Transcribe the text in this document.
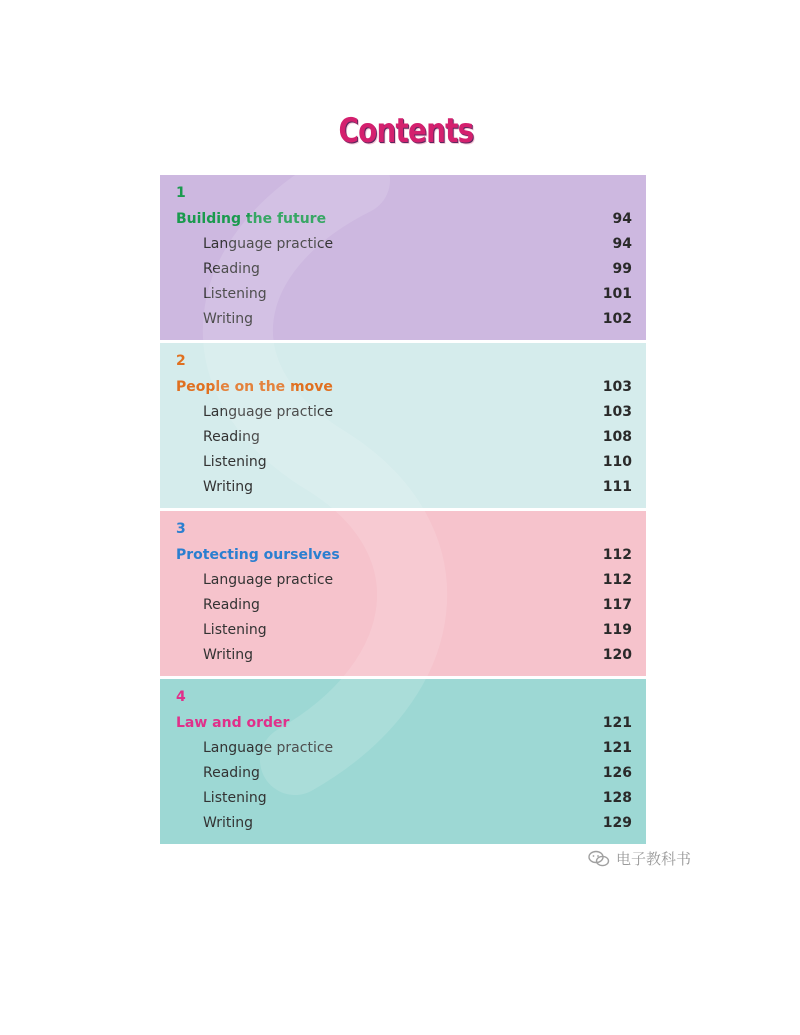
Contents
1
Building the future	94
Language practice	94
Reading	99
Listening	101
Writing	102
2
People on the move	103
Language practice	103
Reading	108
Listening	110
Writing	111
3
Protecting ourselves	112
Language practice	112
Reading	117
Listening	119
Writing	120
4
Law and order	121
Language practice	121
Reading	126
Listening	128
Writing	129
电子教科书
